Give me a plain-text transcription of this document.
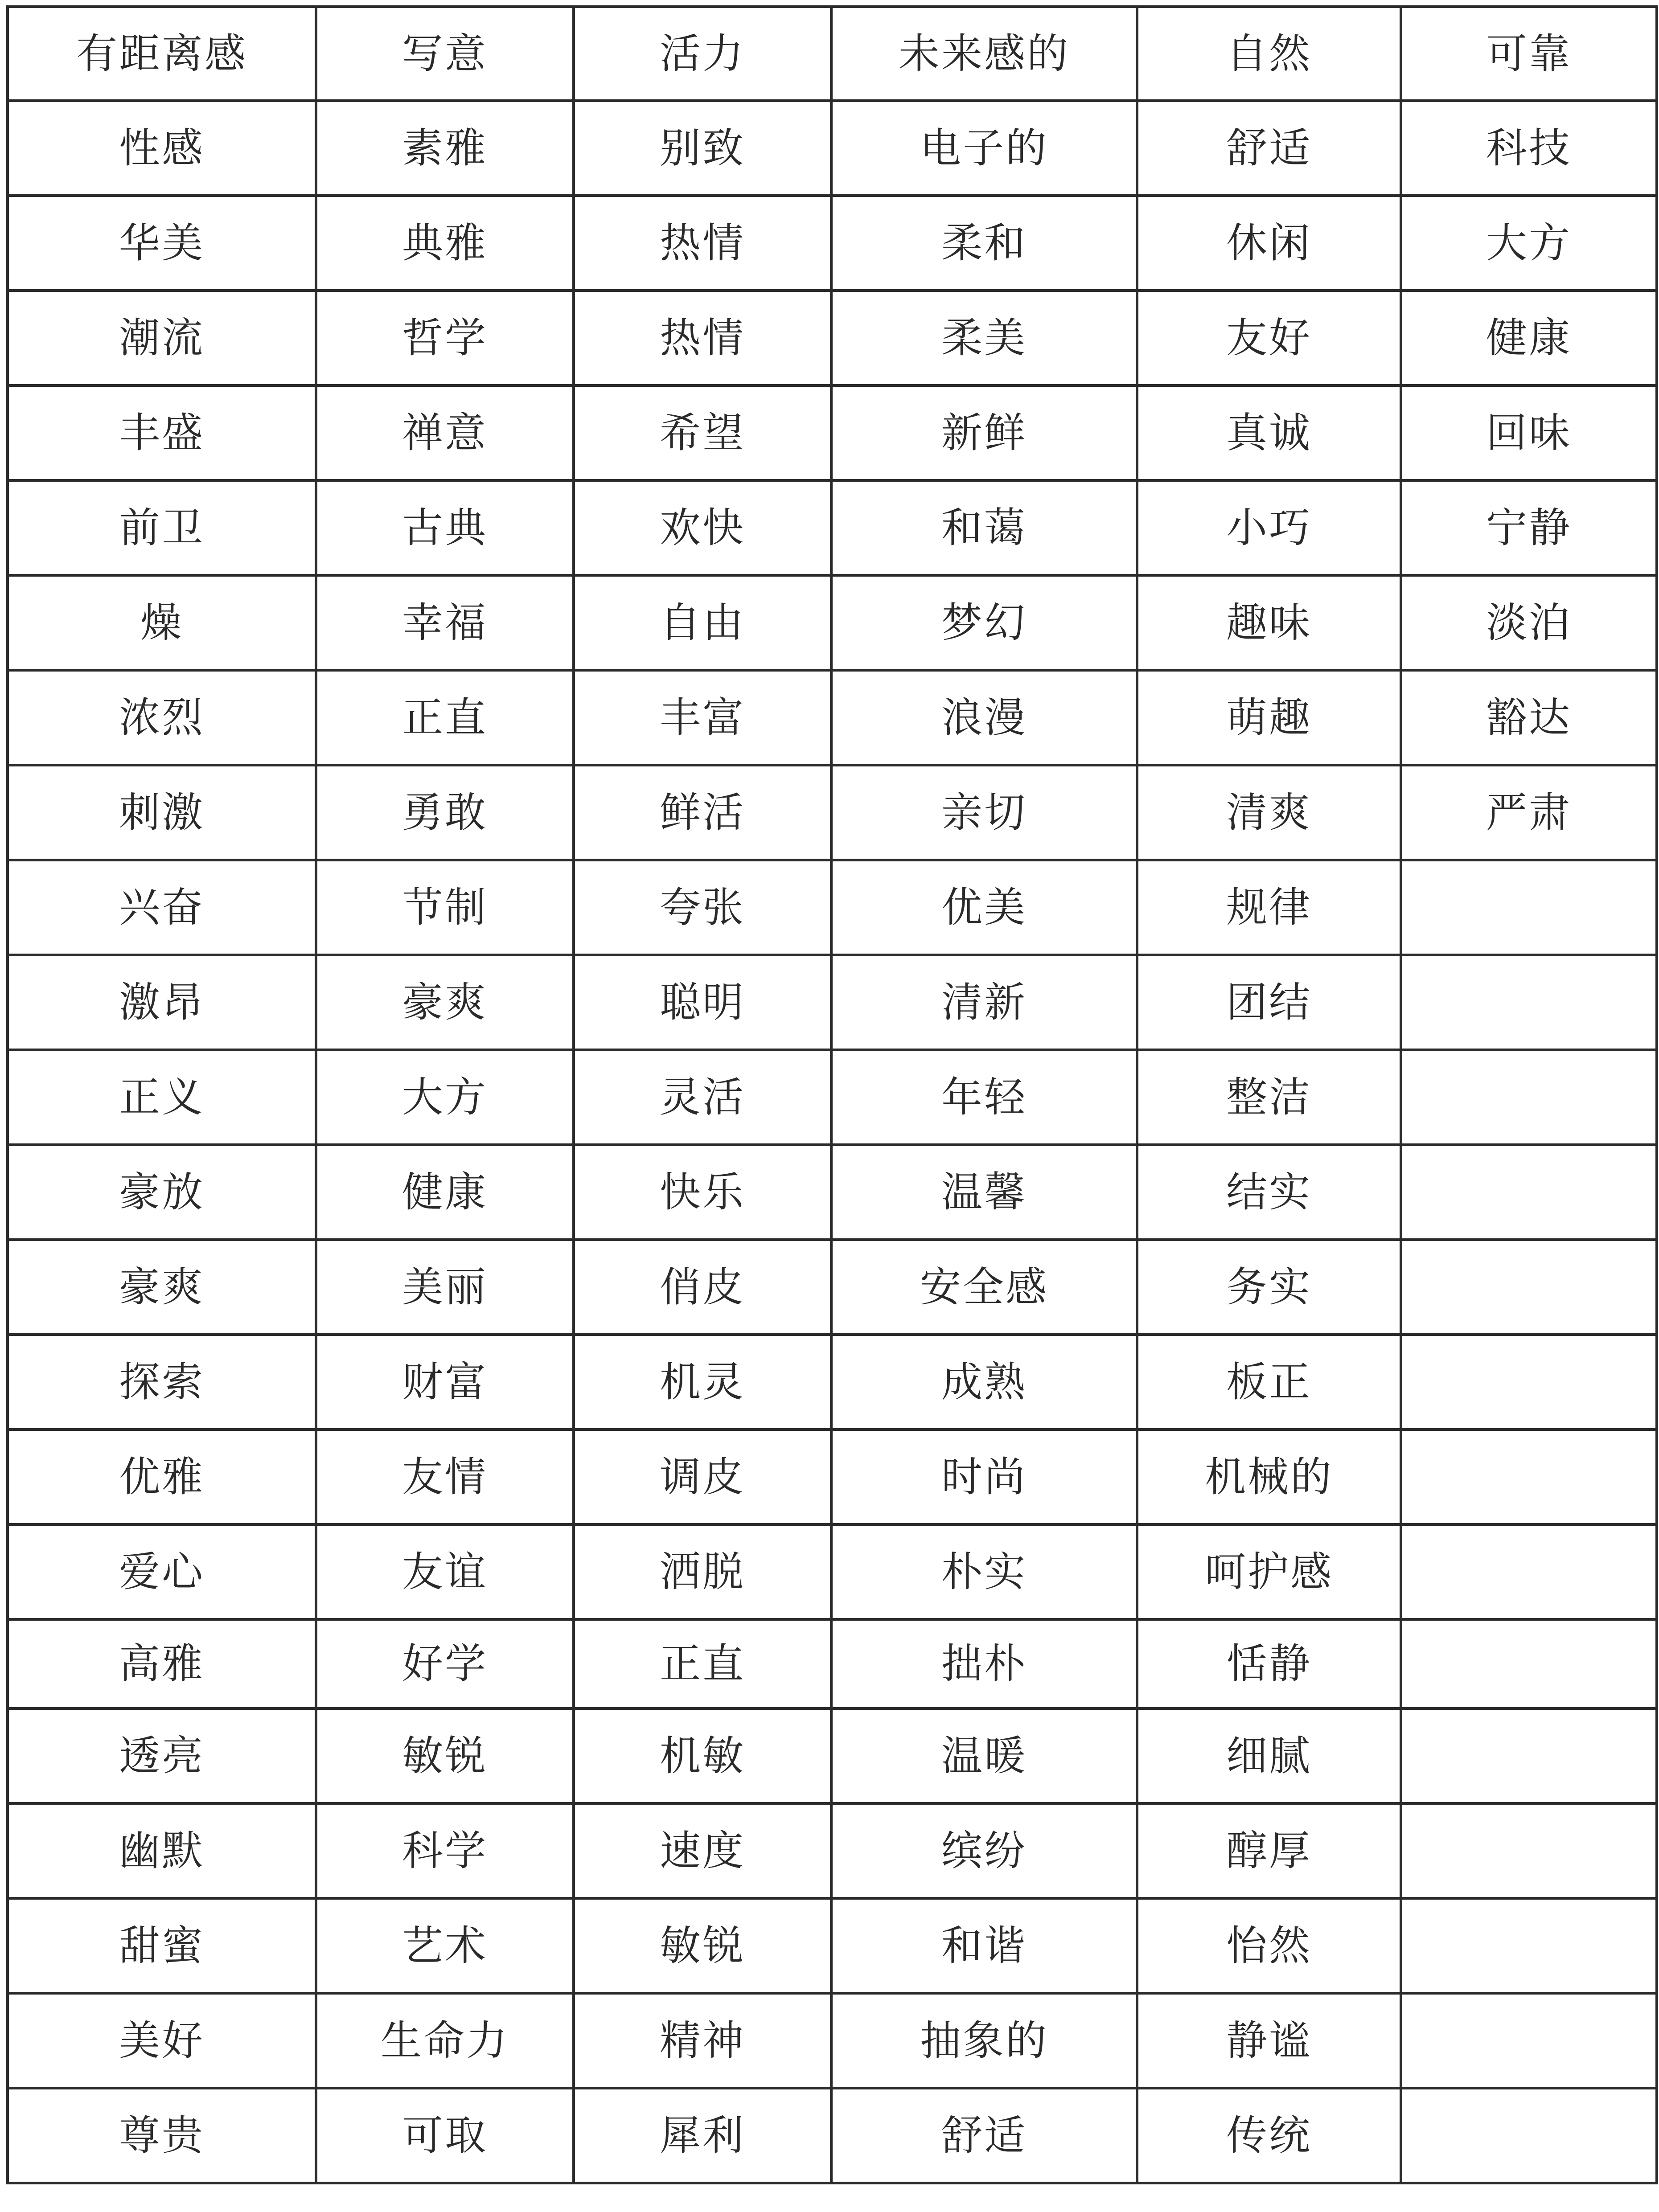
有距离感	写意	活力	未来感的	自然	可靠
性感	素雅	别致	电子的	舒适	科技
华美	典雅	热情	柔和	休闲	大方
潮流	哲学	热情	柔美	友好	健康
丰盛	禅意	希望	新鲜	真诚	回味
前卫	古典	欢快	和蔼	小巧	宁静
燥	幸福	自由	梦幻	趣味	淡泊
浓烈	正直	丰富	浪漫	萌趣	豁达
刺激	勇敢	鲜活	亲切	清爽	严肃
兴奋	节制	夸张	优美	规律	
激昂	豪爽	聪明	清新	团结	
正义	大方	灵活	年轻	整洁	
豪放	健康	快乐	温馨	结实	
豪爽	美丽	俏皮	安全感	务实	
探索	财富	机灵	成熟	板正	
优雅	友情	调皮	时尚	机械的	
爱心	友谊	洒脱	朴实	呵护感	
高雅	好学	正直	拙朴	恬静	
透亮	敏锐	机敏	温暖	细腻	
幽默	科学	速度	缤纷	醇厚	
甜蜜	艺术	敏锐	和谐	怡然	
美好	生命力	精神	抽象的	静谧	
尊贵	可取	犀利	舒适	传统	
